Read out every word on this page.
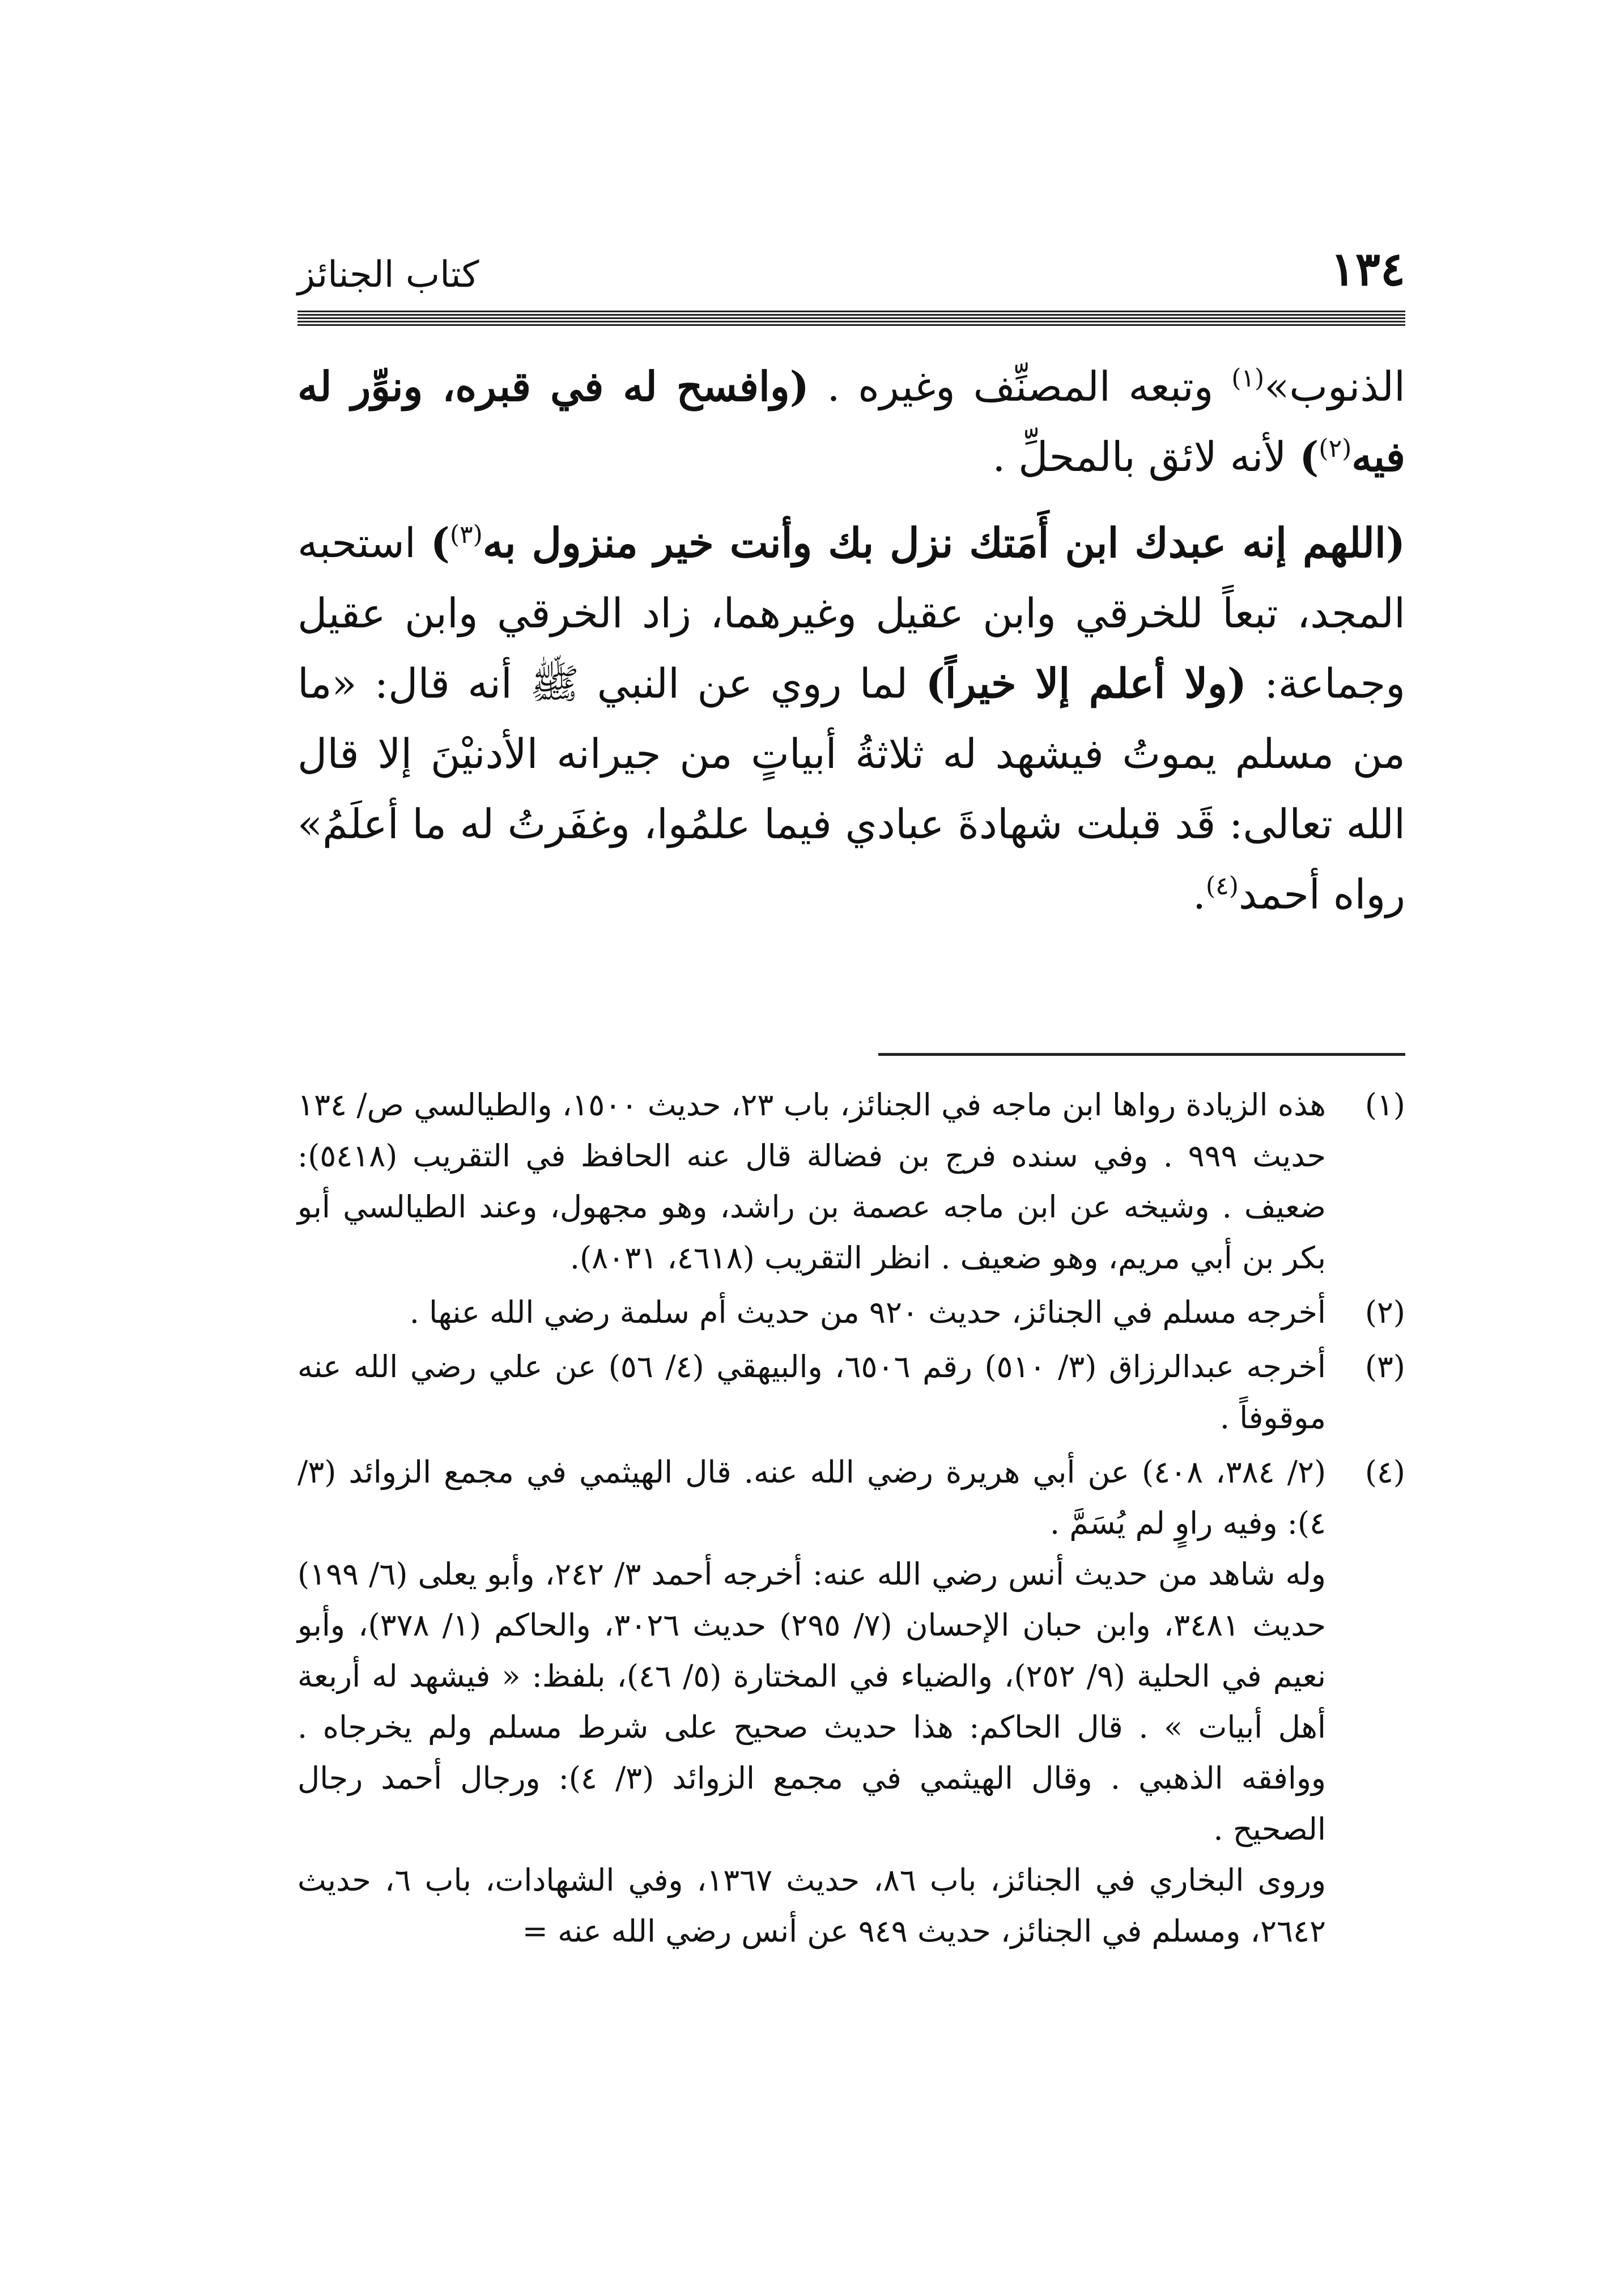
١٣٤
كتاب الجنائز

الذنوب»$^{(١)}$ وتبعه المصنِّف وغيره . (وافسح له في قبره، ونوِّر له فيه$^{(٢)}$) لأنه لائق بالمحلِّ .

(اللهم إنه عبدك ابن أَمَتك نزل بك وأنت خير منزول به$^{(٣)}$) استحبه المجد، تبعاً للخرقي وابن عقيل وغيرهما، زاد الخرقي وابن عقيل وجماعة: (ولا أعلم إلا خيراً) لما روي عن النبي ﷺ أنه قال: «ما من مسلم يموتُ فيشهد له ثلاثةُ أبياتٍ من جيرانه الأدنيْنَ إلا قال الله تعالى: قَد قبلت شهادةَ عبادي فيما علمُوا، وغفَرتُ له ما أعلَمُ» رواه أحمد$^{(٤)}$.

(١)

هذه الزيادة رواها ابن ماجه في الجنائز، باب ٢٣، حديث ١٥٠٠، والطيالسي ص/ ١٣٤ حديث ٩٩٩ . وفي سنده فرج بن فضالة قال عنه الحافظ في التقريب (٥٤١٨): ضعيف . وشيخه عن ابن ماجه عصمة بن راشد، وهو مجهول، وعند الطيالسي أبو بكر بن أبي مريم، وهو ضعيف . انظر التقريب (٤٦١٨، ٨٠٣١).

(٢)

أخرجه مسلم في الجنائز، حديث ٩٢٠ من حديث أم سلمة رضي الله عنها .

(٣)

أخرجه عبدالرزاق (٣/ ٥١٠) رقم ٦٥٠٦، والبيهقي (٤/ ٥٦) عن علي رضي الله عنه موقوفاً .

(٤)

(٢/ ٣٨٤، ٤٠٨) عن أبي هريرة رضي الله عنه. قال الهيثمي في مجمع الزوائد (٣/ ٤): وفيه راوٍ لم يُسَمَّ .

وله شاهد من حديث أنس رضي الله عنه: أخرجه أحمد ٣/ ٢٤٢، وأبو يعلى (٦/ ١٩٩) حديث ٣٤٨١، وابن حبان الإحسان (٧/ ٢٩٥) حديث ٣٠٢٦، والحاكم (١/ ٣٧٨)، وأبو نعيم في الحلية (٩/ ٢٥٢)، والضياء في المختارة (٥/ ٤٦)، بلفظ: « فيشهد له أربعة أهل أبيات » . قال الحاكم: هذا حديث صحيح على شرط مسلم ولم يخرجاه . ووافقه الذهبي . وقال الهيثمي في مجمع الزوائد (٣/ ٤): ورجال أحمد رجال الصحيح .

وروى البخاري في الجنائز، باب ٨٦، حديث ١٣٦٧، وفي الشهادات، باب ٦، حديث ٢٦٤٢، ومسلم في الجنائز، حديث ٩٤٩ عن أنس رضي الله عنه =
